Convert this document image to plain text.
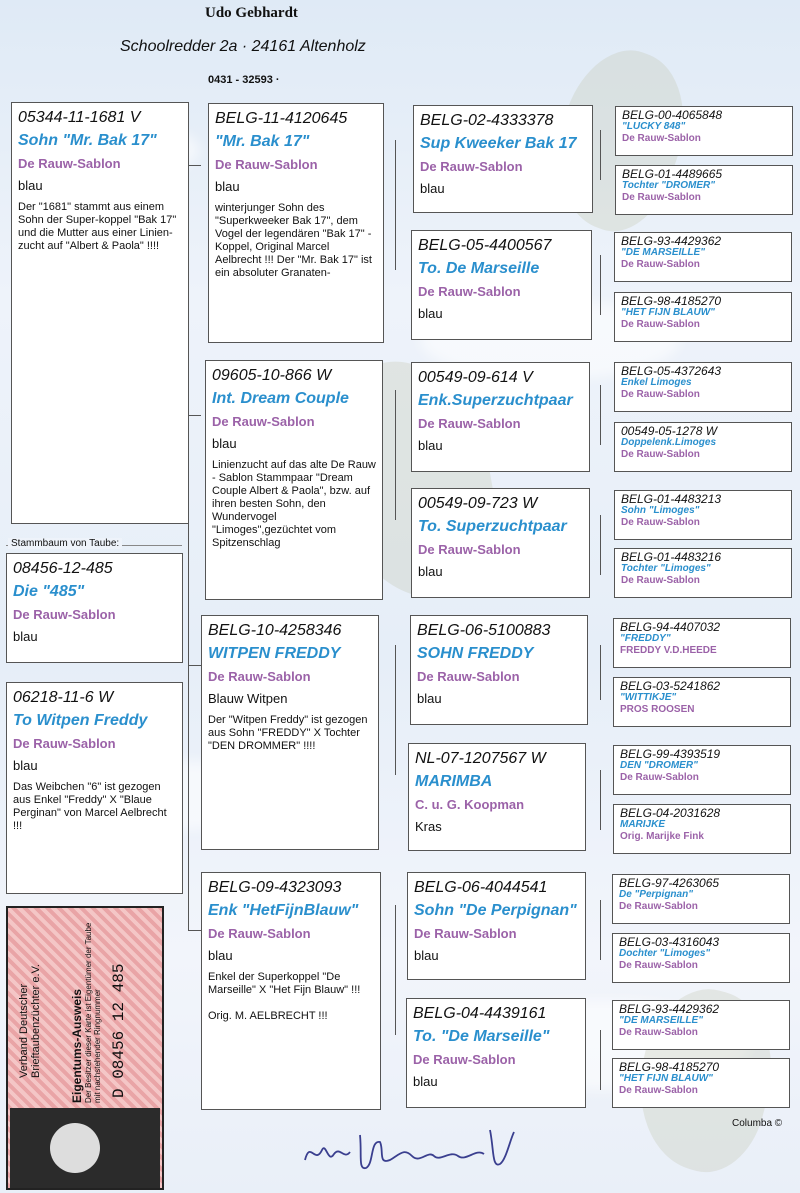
Udo Gebhardt
Schoolredder 2a · 24161 Altenholz
0431 - 32593 ·
05344-11-1681 V
Sohn "Mr. Bak 17"
De Rauw-Sablon
blau
Der "1681" stammt aus einem Sohn der Super-koppel "Bak 17" und die Mutter aus einer Linien-zucht auf "Albert & Paola" !!!!
Stammbaum von Taube:
08456-12-485
Die "485"
De Rauw-Sablon
blau
06218-11-6 W
To Witpen Freddy
De Rauw-Sablon
blau
Das Weibchen "6" ist gezogen aus Enkel "Freddy" X "Blaue Perginan" von Marcel Aelbrecht !!!
BELG-11-4120645
"Mr. Bak 17"
De Rauw-Sablon
blau
winterjunger Sohn des "Superkweeker Bak 17", dem Vogel der legendären "Bak 17" - Koppel, Original Marcel Aelbrecht !!! Der "Mr. Bak 17" ist ein absoluter Granaten-
09605-10-866 W
Int. Dream Couple
De Rauw-Sablon
blau
Linienzucht auf das alte De Rauw - Sablon Stammpaar "Dream Couple Albert & Paola", bzw. auf ihren besten Sohn, den Wundervogel "Limoges",gezüchtet vom Spitzenschlag
BELG-10-4258346
WITPEN FREDDY
De Rauw-Sablon
Blauw Witpen
Der "Witpen Freddy" ist gezogen aus Sohn "FREDDY" X Tochter "DEN DROMMER" !!!!
BELG-09-4323093
Enk "HetFijnBlauw"
De Rauw-Sablon
blau
Enkel der Superkoppel "De Marseille" X "Het Fijn Blauw" !!!

Orig. M. AELBRECHT !!!
BELG-02-4333378
Sup Kweeker Bak 17
De Rauw-Sablon
blau
BELG-05-4400567
To. De Marseille
De Rauw-Sablon
blau
00549-09-614 V
Enk.Superzuchtpaar
De Rauw-Sablon
blau
00549-09-723 W
To. Superzuchtpaar
De Rauw-Sablon
blau
BELG-06-5100883
SOHN FREDDY
De Rauw-Sablon
blau
NL-07-1207567 W
MARIMBA
C. u. G. Koopman
Kras
BELG-06-4044541
Sohn "De Perpignan"
De Rauw-Sablon
blau
BELG-04-4439161
To. "De Marseille"
De Rauw-Sablon
blau
BELG-00-4065848
"LUCKY 848"
De Rauw-Sablon
BELG-01-4489665
Tochter "DROMER"
De Rauw-Sablon
BELG-93-4429362
"DE MARSEILLE"
De Rauw-Sablon
BELG-98-4185270
"HET FIJN BLAUW"
De Rauw-Sablon
BELG-05-4372643
Enkel Limoges
De Rauw-Sablon
00549-05-1278 W
Doppelenk.Limoges
De Rauw-Sablon
BELG-01-4483213
Sohn "Limoges"
De Rauw-Sablon
BELG-01-4483216
Tochter "Limoges"
De Rauw-Sablon
BELG-94-4407032
"FREDDY"
FREDDY V.D.HEEDE
BELG-03-5241862
"WITTIKJE"
PROS ROOSEN
BELG-99-4393519
DEN "DROMER"
De Rauw-Sablon
BELG-04-2031628
MARIJKE
Orig. Marijke Fink
BELG-97-4263065
De "Perpignan"
De Rauw-Sablon
BELG-03-4316043
Dochter "Limoges"
De Rauw-Sablon
BELG-93-4429362
"DE MARSEILLE"
De Rauw-Sablon
BELG-98-4185270
"HET FIJN BLAUW"
De Rauw-Sablon
Verband Deutscher Brieftaubenzüchter e.V. Eigentums-Ausweis Der Besitzer dieser Karte ist Eigentümer der Taube mit nachstehender Ringnummer D 08456 12 485
Columba ©
